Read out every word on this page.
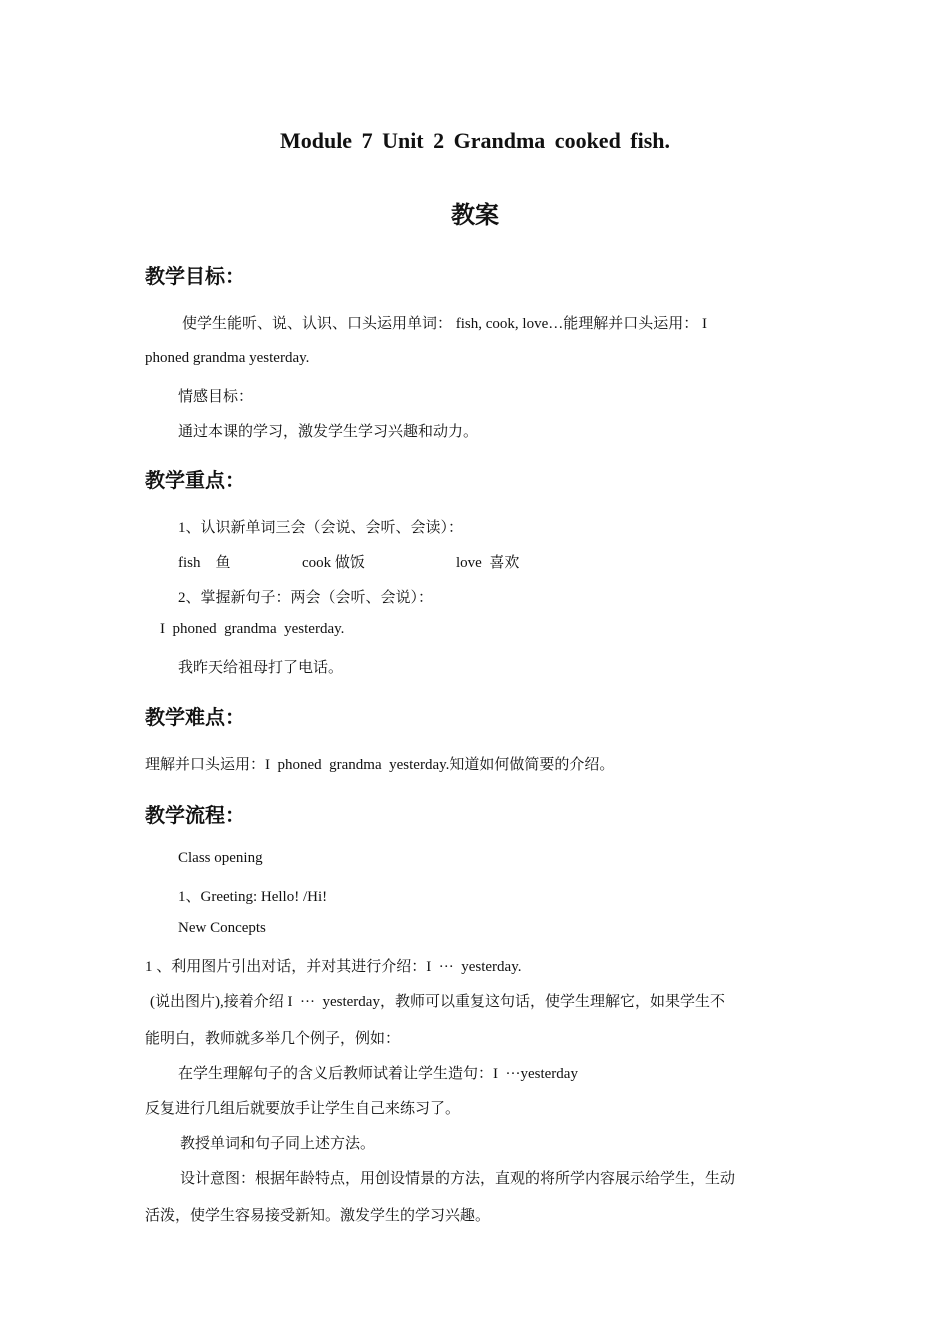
Module 7 Unit 2 Grandma cooked fish.
教案
教学目标：
使学生能听、说、认识、口头运用单词： fish, cook, love…能理解并口头运用： I
phoned grandma yesterday.
情感目标：
通过本课的学习，激发学生学习兴趣和动力。
教学重点：
1、认识新单词三会（会说、会听、会读）：
fish    鱼	cook 做饭	love  喜欢
2、掌握新句子：两会（会听、会说）：
I  phoned  grandma  yesterday.
我昨天给祖母打了电话。
教学难点：
理解并口头运用：I  phoned  grandma  yesterday.知道如何做简要的介绍。
教学流程：
Class opening
1、Greeting: Hello! /Hi!
New Concepts
1 、利用图片引出对话，并对其进行介绍：I  ···  yesterday.
(说出图片),接着介绍 I  ···  yesterday，教师可以重复这句话，使学生理解它，如果学生不
能明白，教师就多举几个例子，例如：
在学生理解句子的含义后教师试着让学生造句：I  ···yesterday
反复进行几组后就要放手让学生自己来练习了。
教授单词和句子同上述方法。
设计意图：根据年龄特点，用创设情景的方法，直观的将所学内容展示给学生，生动
活泼，使学生容易接受新知。激发学生的学习兴趣。
